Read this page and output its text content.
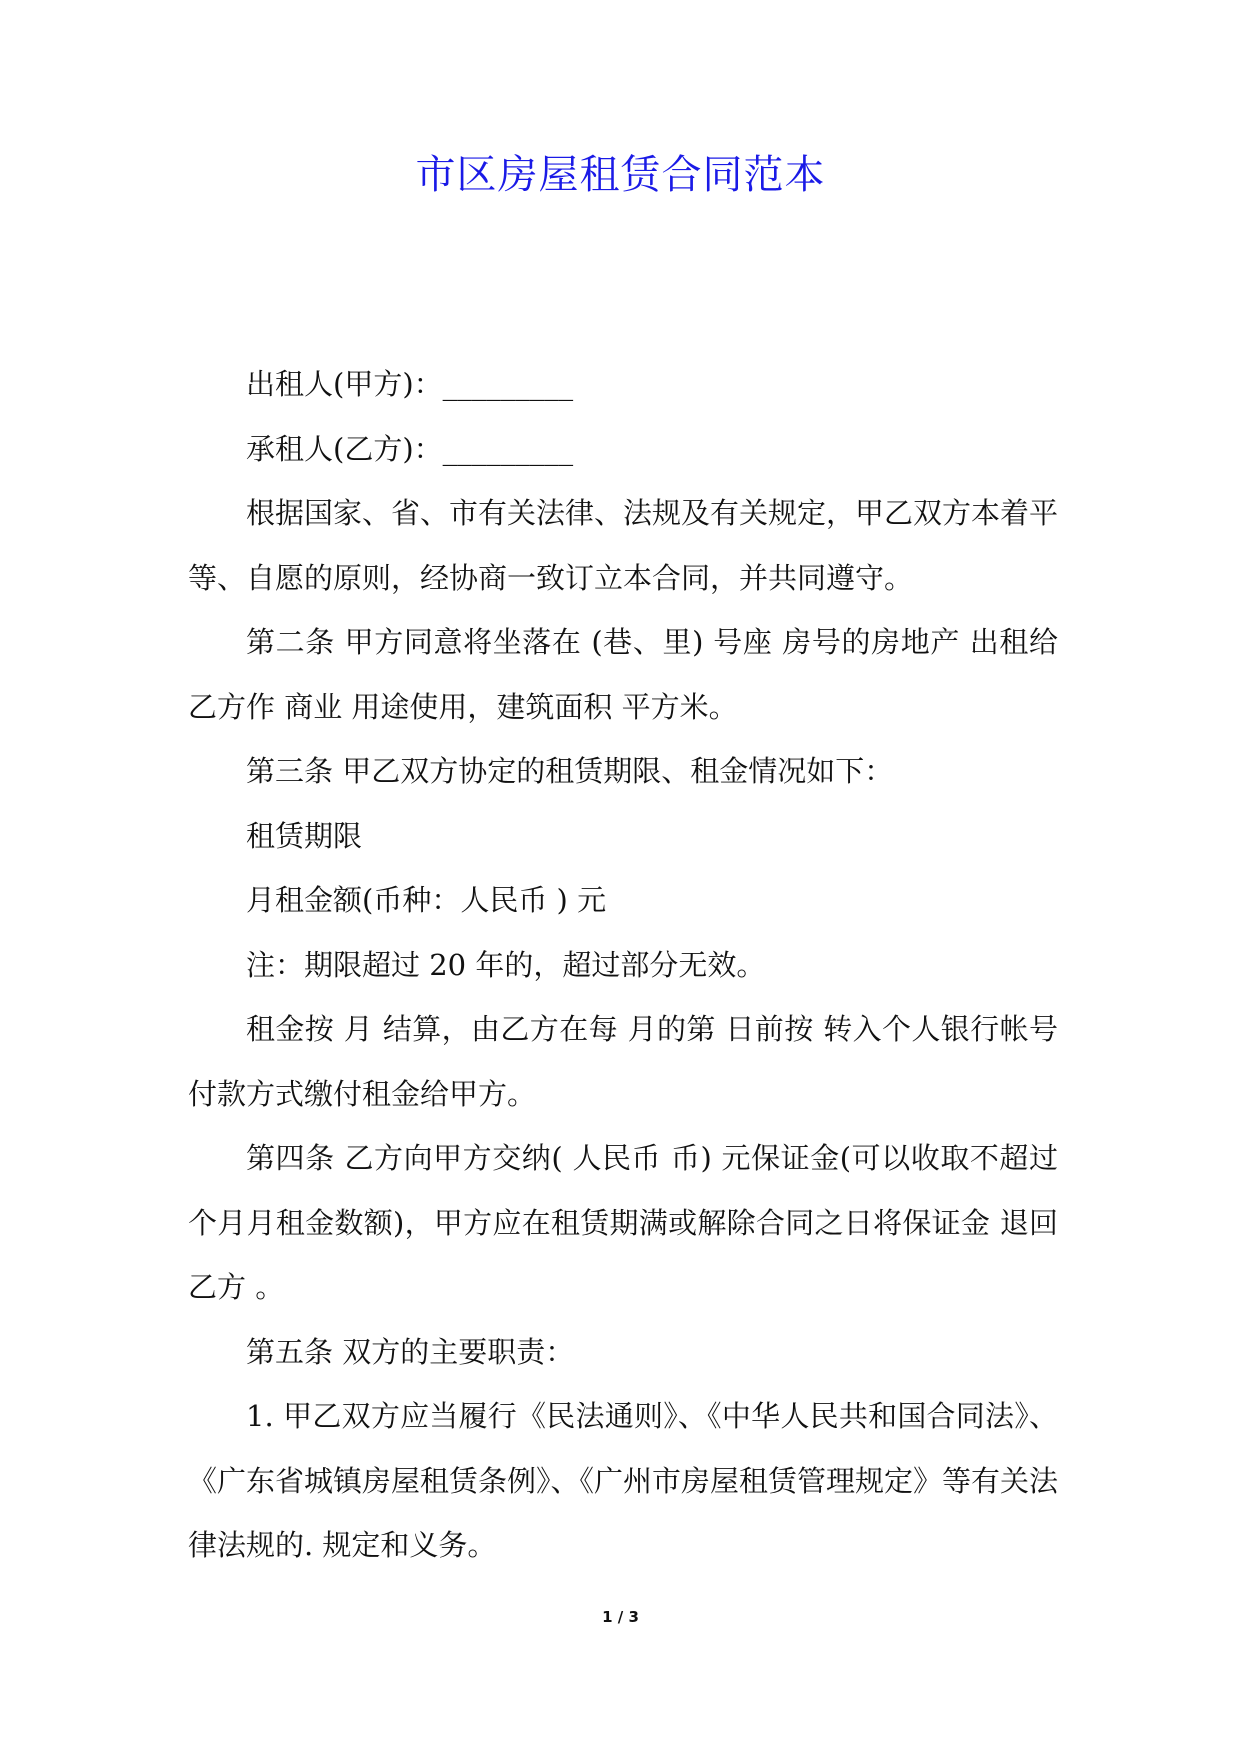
市区房屋租赁合同范本

出租人(甲方)：_________

承租人(乙方)：_________

根据国家、省、市有关法律、法规及有关规定，甲乙双方本着平等、自愿的原则，经协商一致订立本合同，并共同遵守。

第二条 甲方同意将坐落在 (巷、里) 号座 房号的房地产 出租给乙方作 商业 用途使用，建筑面积 平方米。

第三条 甲乙双方协定的租赁期限、租金情况如下：

租赁期限

月租金额(币种：人民币 ) 元

注：期限超过 20 年的，超过部分无效。

租金按 月 结算，由乙方在每 月的第 日前按 转入个人银行帐号 付款方式缴付租金给甲方。

第四条 乙方向甲方交纳( 人民币 币) 元保证金(可以收取不超过 个月月租金数额)，甲方应在租赁期满或解除合同之日将保证金 退回乙方 。

第五条 双方的主要职责：

1. 甲乙双方应当履行《民法通则》、《中华人民共和国合同法》、《广东省城镇房屋租赁条例》、《广州市房屋租赁管理规定》等有关法律法规的. 规定和义务。

1 / 3
